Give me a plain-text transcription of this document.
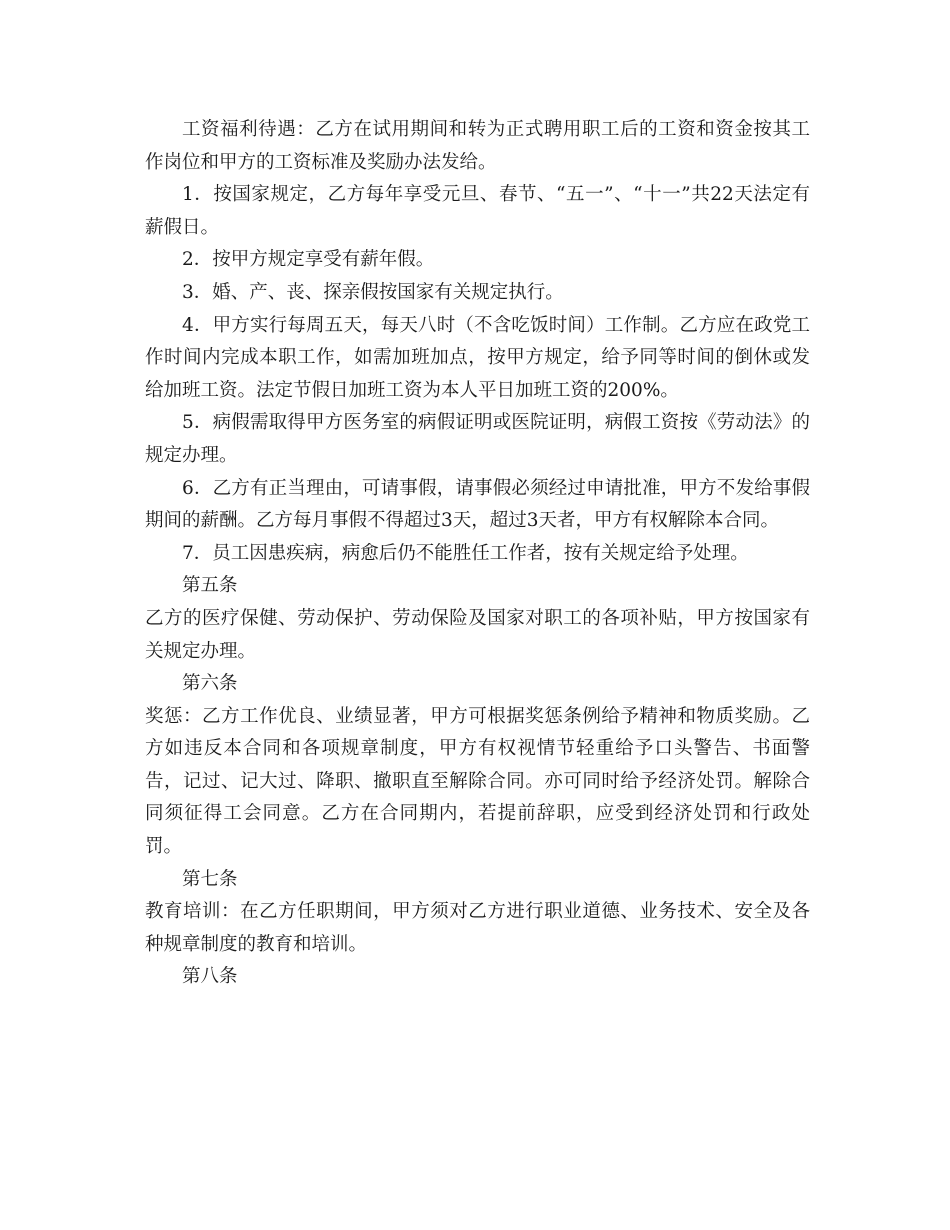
工资福利待遇：乙方在试用期间和转为正式聘用职工后的工资和资金按其工作岗位和甲方的工资标准及奖励办法发给。

1．按国家规定，乙方每年享受元旦、春节、“五一”、“十一”共22天法定有薪假日。

2．按甲方规定享受有薪年假。

3．婚、产、丧、探亲假按国家有关规定执行。

4．甲方实行每周五天，每天八时（不含吃饭时间）工作制。乙方应在政党工作时间内完成本职工作，如需加班加点，按甲方规定，给予同等时间的倒休或发给加班工资。法定节假日加班工资为本人平日加班工资的200%。

5．病假需取得甲方医务室的病假证明或医院证明，病假工资按《劳动法》的规定办理。

6．乙方有正当理由，可请事假，请事假必须经过申请批准，甲方不发给事假期间的薪酬。乙方每月事假不得超过3天，超过3天者，甲方有权解除本合同。

7．员工因患疾病，病愈后仍不能胜任工作者，按有关规定给予处理。

第五条

乙方的医疗保健、劳动保护、劳动保险及国家对职工的各项补贴，甲方按国家有关规定办理。

第六条

奖惩：乙方工作优良、业绩显著，甲方可根据奖惩条例给予精神和物质奖励。乙方如违反本合同和各项规章制度，甲方有权视情节轻重给予口头警告、书面警告，记过、记大过、降职、撤职直至解除合同。亦可同时给予经济处罚。解除合同须征得工会同意。乙方在合同期内，若提前辞职，应受到经济处罚和行政处罚。

第七条

教育培训：在乙方任职期间，甲方须对乙方进行职业道德、业务技术、安全及各种规章制度的教育和培训。

第八条
